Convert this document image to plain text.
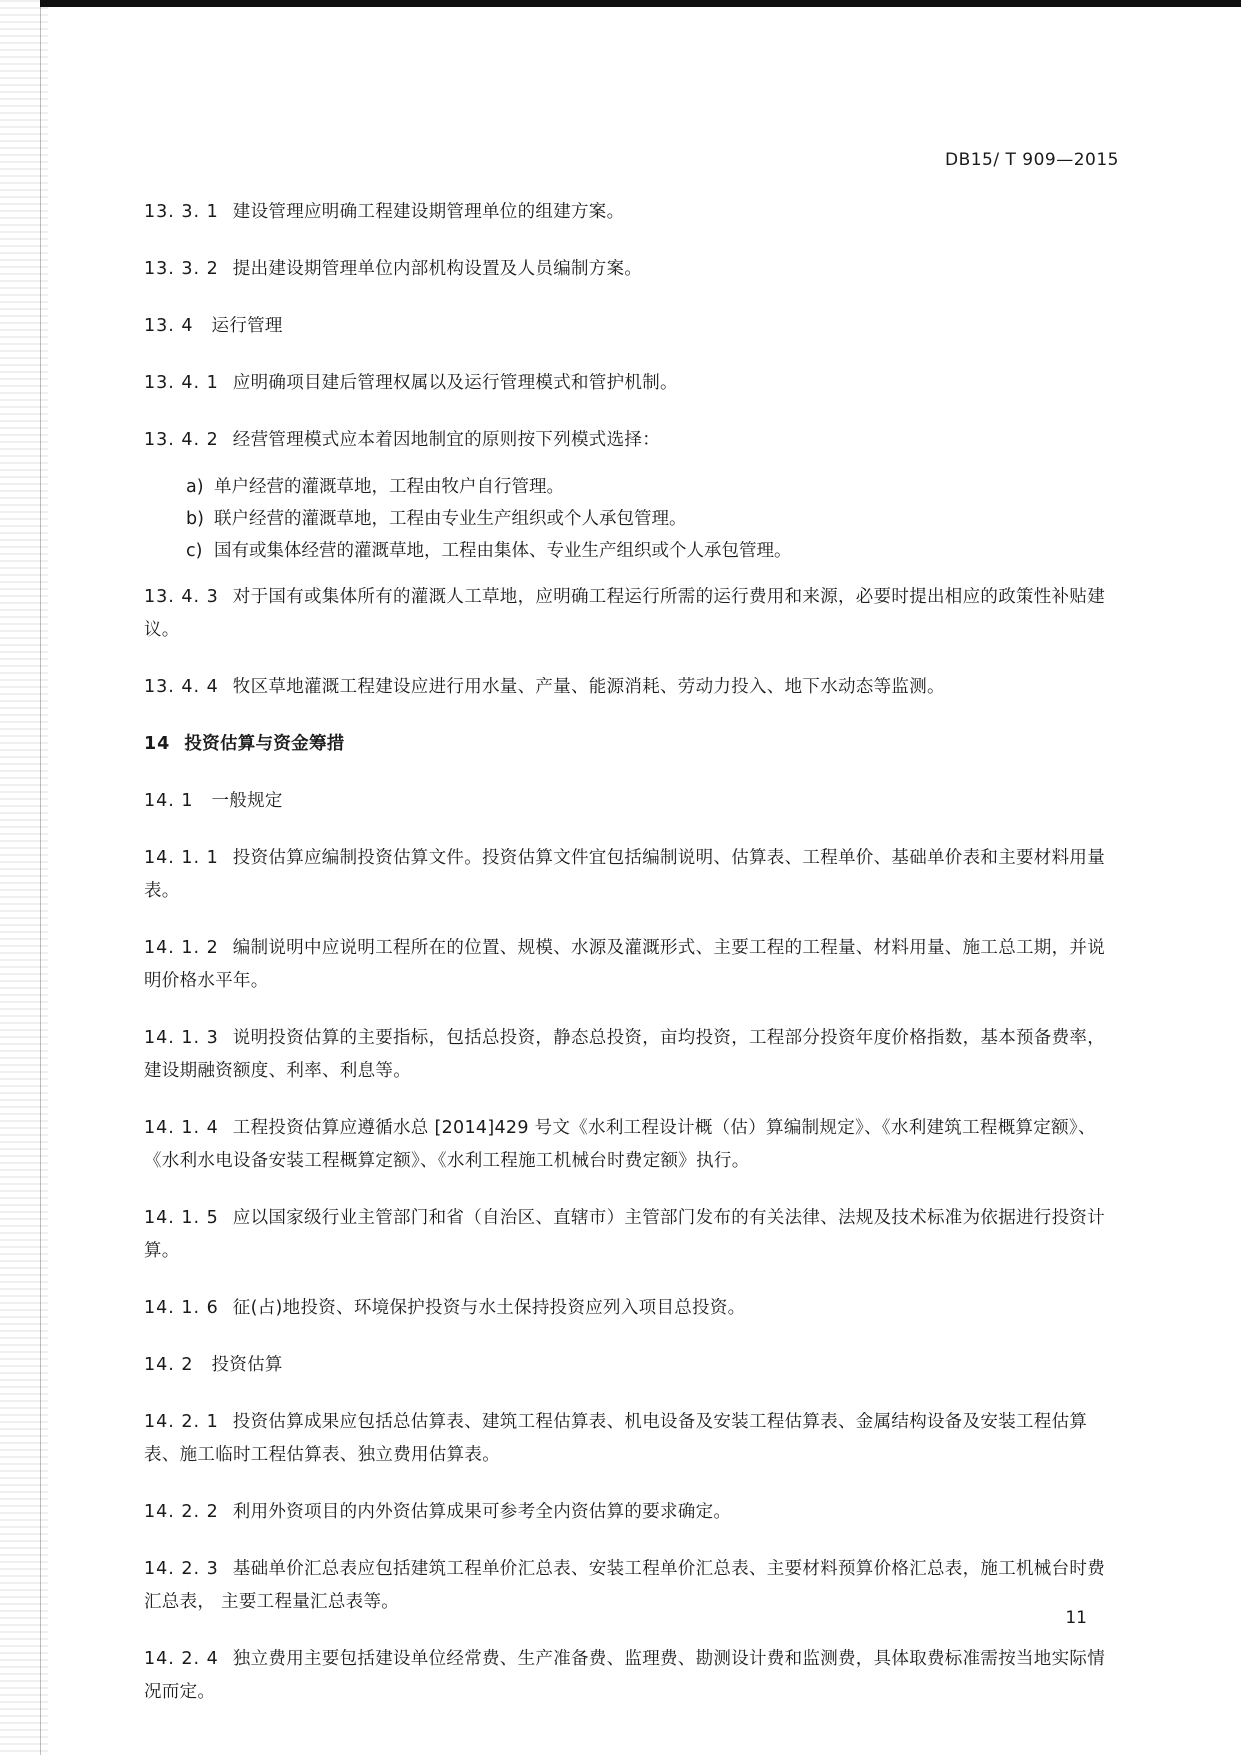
DB15/ T 909—2015

13. 3. 1 建设管理应明确工程建设期管理单位的组建方案。

13. 3. 2 提出建设期管理单位内部机构设置及人员编制方案。

13. 4 运行管理

13. 4. 1 应明确项目建后管理权属以及运行管理模式和管护机制。

13. 4. 2 经营管理模式应本着因地制宜的原则按下列模式选择：

a) 单户经营的灌溉草地，工程由牧户自行管理。

b) 联户经营的灌溉草地，工程由专业生产组织或个人承包管理。

c) 国有或集体经营的灌溉草地，工程由集体、专业生产组织或个人承包管理。

13. 4. 3 对于国有或集体所有的灌溉人工草地，应明确工程运行所需的运行费用和来源，必要时提出相应的政策性补贴建议。

13. 4. 4 牧区草地灌溉工程建设应进行用水量、产量、能源消耗、劳动力投入、地下水动态等监测。

14 投资估算与资金筹措

14. 1 一般规定

14. 1. 1 投资估算应编制投资估算文件。投资估算文件宜包括编制说明、估算表、工程单价、基础单价表和主要材料用量表。

14. 1. 2 编制说明中应说明工程所在的位置、规模、水源及灌溉形式、主要工程的工程量、材料用量、施工总工期，并说明价格水平年。

14. 1. 3 说明投资估算的主要指标，包括总投资，静态总投资，亩均投资，工程部分投资年度价格指数，基本预备费率，建设期融资额度、利率、利息等。

14. 1. 4 工程投资估算应遵循水总 [2014]429 号文《水利工程设计概（估）算编制规定》、《水利建筑工程概算定额》、《水利水电设备安装工程概算定额》、《水利工程施工机械台时费定额》执行。

14. 1. 5 应以国家级行业主管部门和省（自治区、直辖市）主管部门发布的有关法律、法规及技术标准为依据进行投资计算。

14. 1. 6 征(占)地投资、环境保护投资与水土保持投资应列入项目总投资。

14. 2 投资估算

14. 2. 1 投资估算成果应包括总估算表、建筑工程估算表、机电设备及安装工程估算表、金属结构设备及安装工程估算表、施工临时工程估算表、独立费用估算表。

14. 2. 2 利用外资项目的内外资估算成果可参考全内资估算的要求确定。

14. 2. 3 基础单价汇总表应包括建筑工程单价汇总表、安装工程单价汇总表、主要材料预算价格汇总表，施工机械台时费汇总表， 主要工程量汇总表等。

14. 2. 4 独立费用主要包括建设单位经常费、生产准备费、监理费、勘测设计费和监测费，具体取费标准需按当地实际情况而定。

11
